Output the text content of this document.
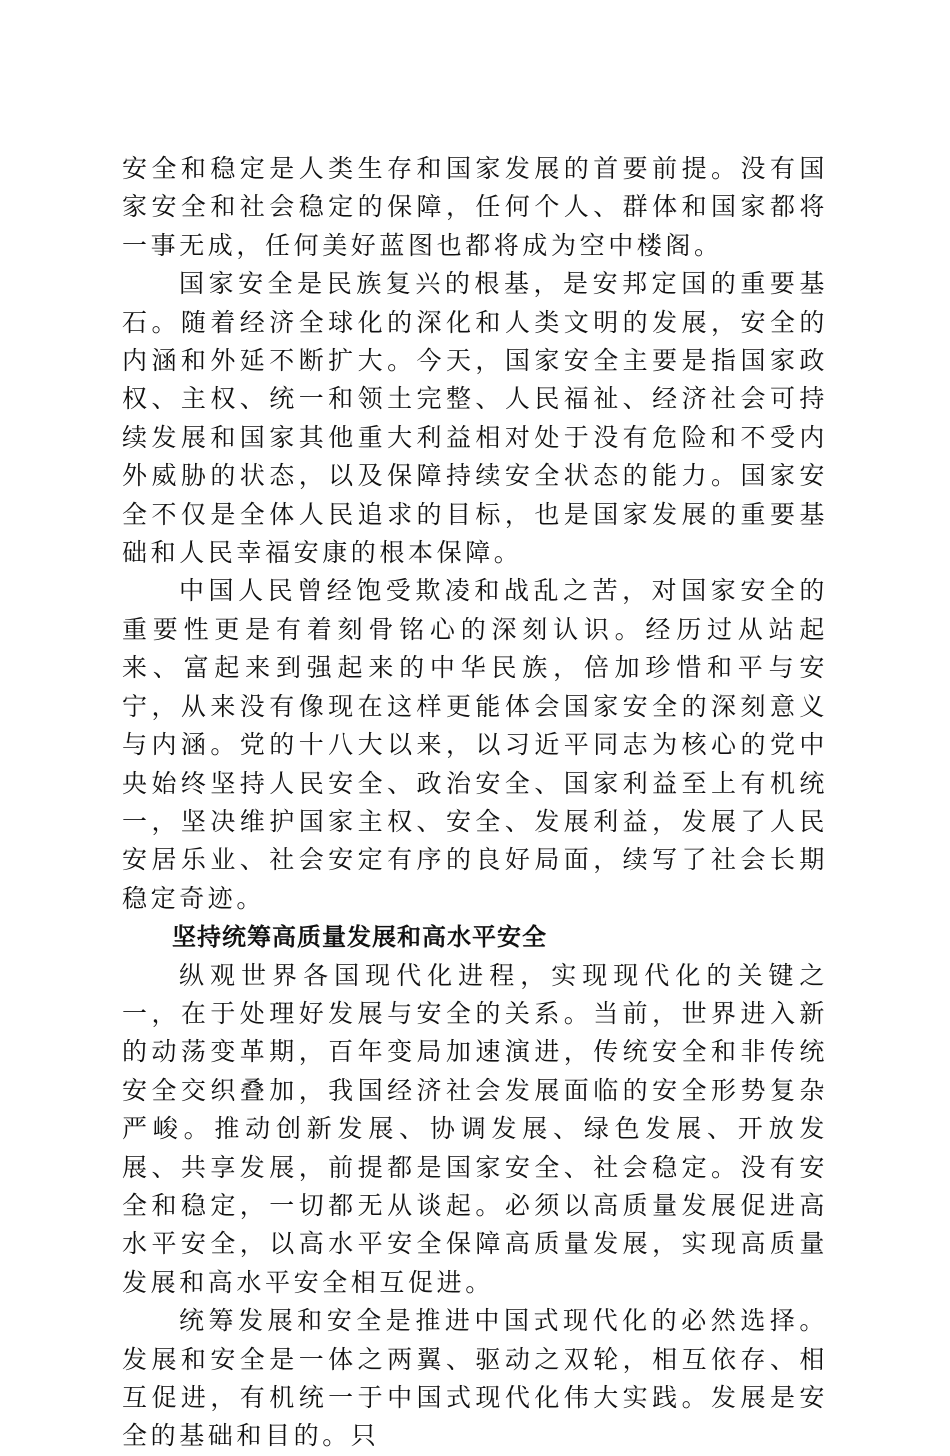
安全和稳定是人类生存和国家发展的首要前提。没有国家安全和社会稳定的保障，任何个人、群体和国家都将一事无成，任何美好蓝图也都将成为空中楼阁。

国家安全是民族复兴的根基，是安邦定国的重要基石。随着经济全球化的深化和人类文明的发展，安全的内涵和外延不断扩大。今天，国家安全主要是指国家政权、主权、统一和领土完整、人民福祉、经济社会可持续发展和国家其他重大利益相对处于没有危险和不受内外威胁的状态，以及保障持续安全状态的能力。国家安全不仅是全体人民追求的目标，也是国家发展的重要基础和人民幸福安康的根本保障。

中国人民曾经饱受欺凌和战乱之苦，对国家安全的重要性更是有着刻骨铭心的深刻认识。经历过从站起来、富起来到强起来的中华民族，倍加珍惜和平与安宁，从来没有像现在这样更能体会国家安全的深刻意义与内涵。党的十八大以来，以习近平同志为核心的党中央始终坚持人民安全、政治安全、国家利益至上有机统一，坚决维护国家主权、安全、发展利益，发展了人民安居乐业、社会安定有序的良好局面，续写了社会长期稳定奇迹。

坚持统筹高质量发展和高水平安全

纵观世界各国现代化进程，实现现代化的关键之一，在于处理好发展与安全的关系。当前，世界进入新的动荡变革期，百年变局加速演进，传统安全和非传统安全交织叠加，我国经济社会发展面临的安全形势复杂严峻。推动创新发展、协调发展、绿色发展、开放发展、共享发展，前提都是国家安全、社会稳定。没有安全和稳定，一切都无从谈起。必须以高质量发展促进高水平安全，以高水平安全保障高质量发展，实现高质量发展和高水平安全相互促进。

统筹发展和安全是推进中国式现代化的必然选择。发展和安全是一体之两翼、驱动之双轮，相互依存、相互促进，有机统一于中国式现代化伟大实践。发展是安全的基础和目的。只
